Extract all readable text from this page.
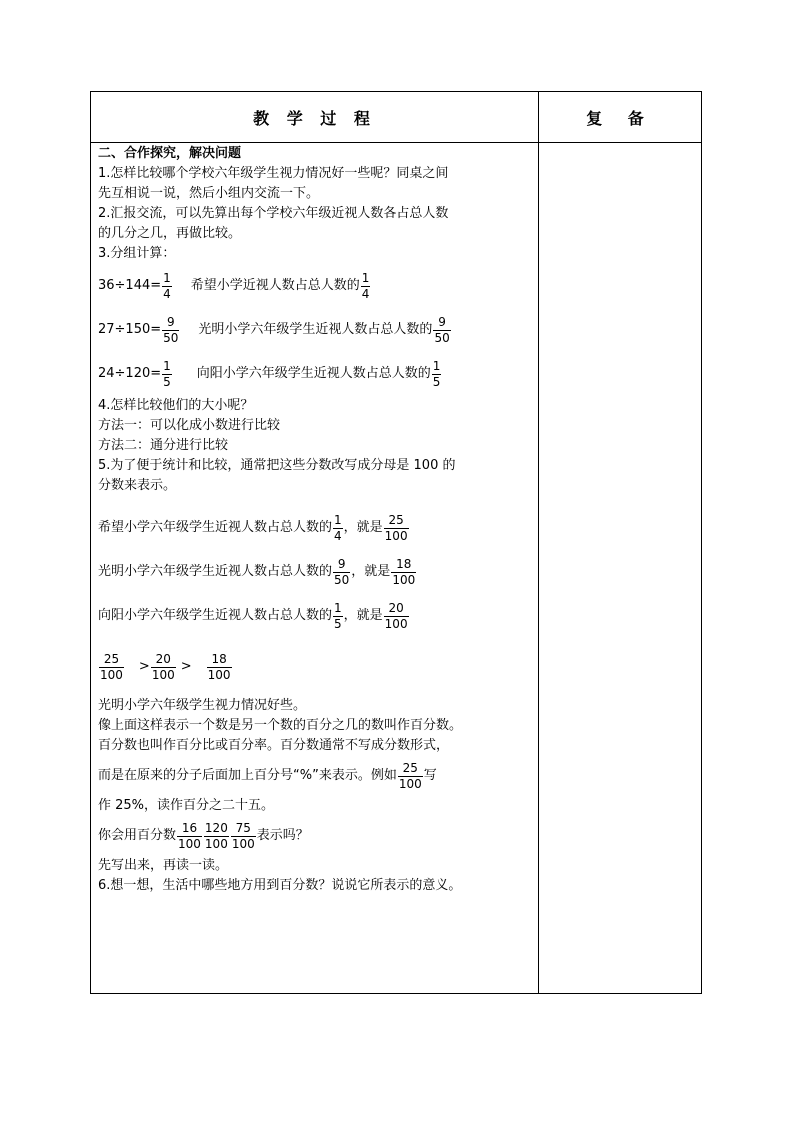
教 学 过 程	复 备
二、合作探究，解决问题
1.怎样比较哪个学校六年级学生视力情况好一些呢？同桌之间
先互相说一说，然后小组内交流一下。
2.汇报交流，可以先算出每个学校六年级近视人数各占总人数
的几分之几，再做比较。
3.分组计算：
$36\div 144= \frac{1}{4}$ 希望小学近视人数占总人数的 $\frac{1}{4}$
$27\div 150= \frac{9}{50}$ 光明小学六年级学生近视人数占总人数的 $\frac{9}{50}$
$24\div 120= \frac{1}{5}$ 向阳小学六年级学生近视人数占总人数的 $\frac{1}{5}$
4.怎样比较他们的大小呢？
方法一：可以化成小数进行比较
方法二：通分进行比较
5.为了便于统计和比较，通常把这些分数改写成分母是 100 的
分数来表示。
希望小学六年级学生近视人数占总人数的 $\frac{1}{4}$ ，就是 $\frac{25}{100}$
光明小学六年级学生近视人数占总人数的 $\frac{9}{50}$ ，就是 $\frac{18}{100}$
向阳小学六年级学生近视人数占总人数的 $\frac{1}{5}$ ，就是 $\frac{20}{100}$
$\frac{25}{100} > \frac{20}{100} > \frac{18}{100}$
光明小学六年级学生视力情况好些。
像上面这样表示一个数是另一个数的百分之几的数叫作百分数。
百分数也叫作百分比或百分率。百分数通常不写成分数形式，
而是在原来的分子后面加上百分号“%”来表示。例如 $\frac{25}{100}$ 写
作 25%，读作百分之二十五。
你会用百分数 $\frac{16}{100} \frac{120}{100} \frac{75}{100}$ 表示吗？
先写出来，再读一读。
6.想一想，生活中哪些地方用到百分数？说说它所表示的意义。
